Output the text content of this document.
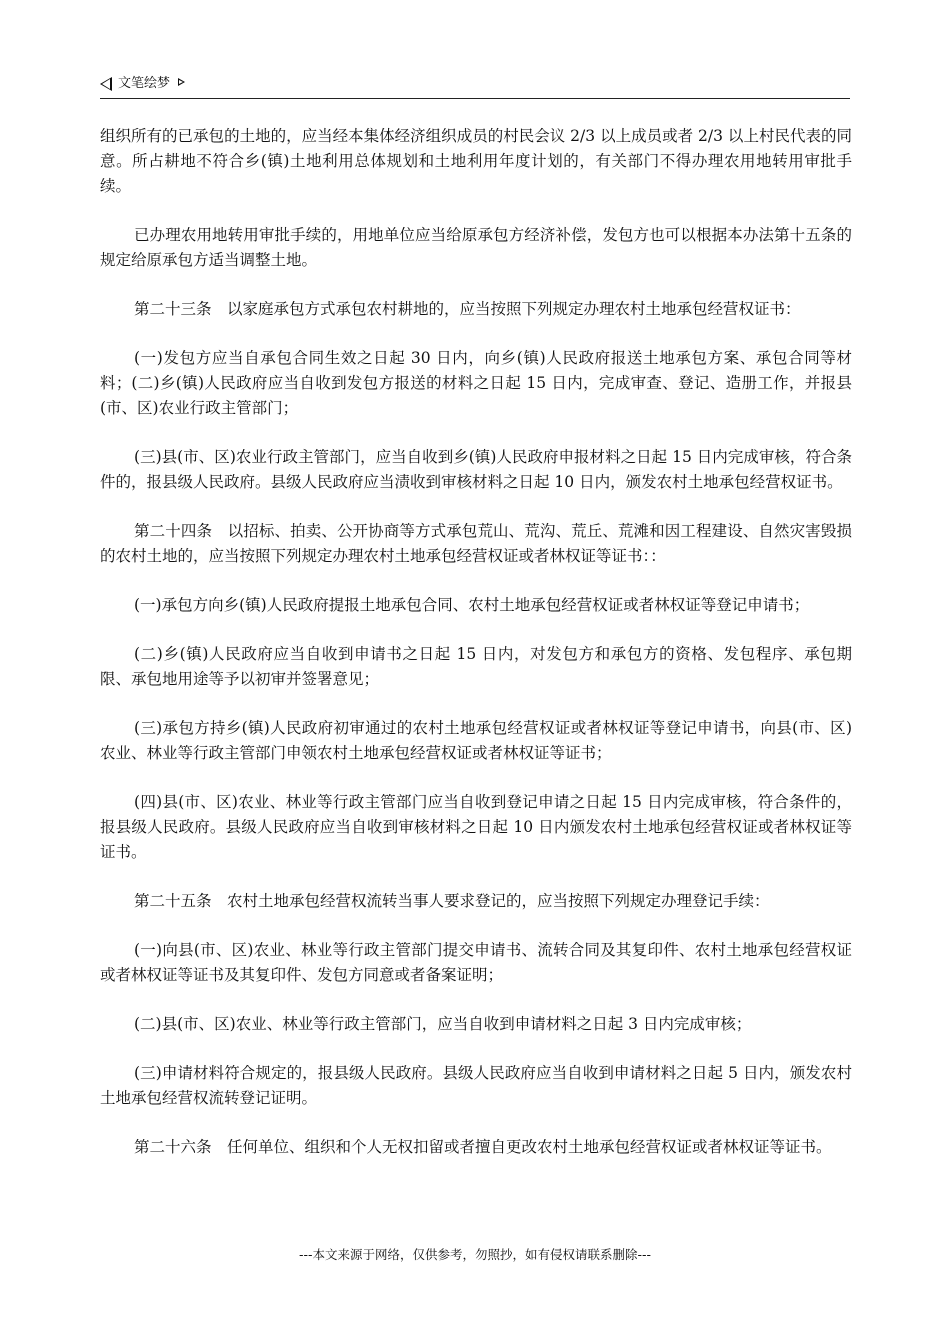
文笔绘梦

组织所有的已承包的土地的，应当经本集体经济组织成员的村民会议 2/3 以上成员或者 2/3 以上村民代表的同意。所占耕地不符合乡(镇)土地利用总体规划和土地利用年度计划的，有关部门不得办理农用地转用审批手续。

已办理农用地转用审批手续的，用地单位应当给原承包方经济补偿，发包方也可以根据本办法第十五条的规定给原承包方适当调整土地。

第二十三条　以家庭承包方式承包农村耕地的，应当按照下列规定办理农村土地承包经营权证书：

(一)发包方应当自承包合同生效之日起 30 日内，向乡(镇)人民政府报送土地承包方案、承包合同等材料；(二)乡(镇)人民政府应当自收到发包方报送的材料之日起 15 日内，完成审查、登记、造册工作，并报县(市、区)农业行政主管部门；

(三)县(市、区)农业行政主管部门，应当自收到乡(镇)人民政府申报材料之日起 15 日内完成审核，符合条件的，报县级人民政府。县级人民政府应当渍收到审核材料之日起 10 日内，颁发农村土地承包经营权证书。

第二十四条　以招标、拍卖、公开协商等方式承包荒山、荒沟、荒丘、荒滩和因工程建设、自然灾害毁损的农村土地的，应当按照下列规定办理农村土地承包经营权证或者林权证等证书：：

(一)承包方向乡(镇)人民政府提报土地承包合同、农村土地承包经营权证或者林权证等登记申请书；

(二)乡(镇)人民政府应当自收到申请书之日起 15 日内，对发包方和承包方的资格、发包程序、承包期限、承包地用途等予以初审并签署意见；

(三)承包方持乡(镇)人民政府初审通过的农村土地承包经营权证或者林权证等登记申请书，向县(市、区)农业、林业等行政主管部门申领农村土地承包经营权证或者林权证等证书；

(四)县(市、区)农业、林业等行政主管部门应当自收到登记申请之日起 15 日内完成审核，符合条件的，报县级人民政府。县级人民政府应当自收到审核材料之日起 10 日内颁发农村土地承包经营权证或者林权证等证书。

第二十五条　农村土地承包经营权流转当事人要求登记的，应当按照下列规定办理登记手续：

(一)向县(市、区)农业、林业等行政主管部门提交申请书、流转合同及其复印件、农村土地承包经营权证或者林权证等证书及其复印件、发包方同意或者备案证明；

(二)县(市、区)农业、林业等行政主管部门，应当自收到申请材料之日起 3 日内完成审核；

(三)申请材料符合规定的，报县级人民政府。县级人民政府应当自收到申请材料之日起 5 日内，颁发农村土地承包经营权流转登记证明。

第二十六条　任何单位、组织和个人无权扣留或者擅自更改农村土地承包经营权证或者林权证等证书。

---本文来源于网络，仅供参考，勿照抄，如有侵权请联系删除---
